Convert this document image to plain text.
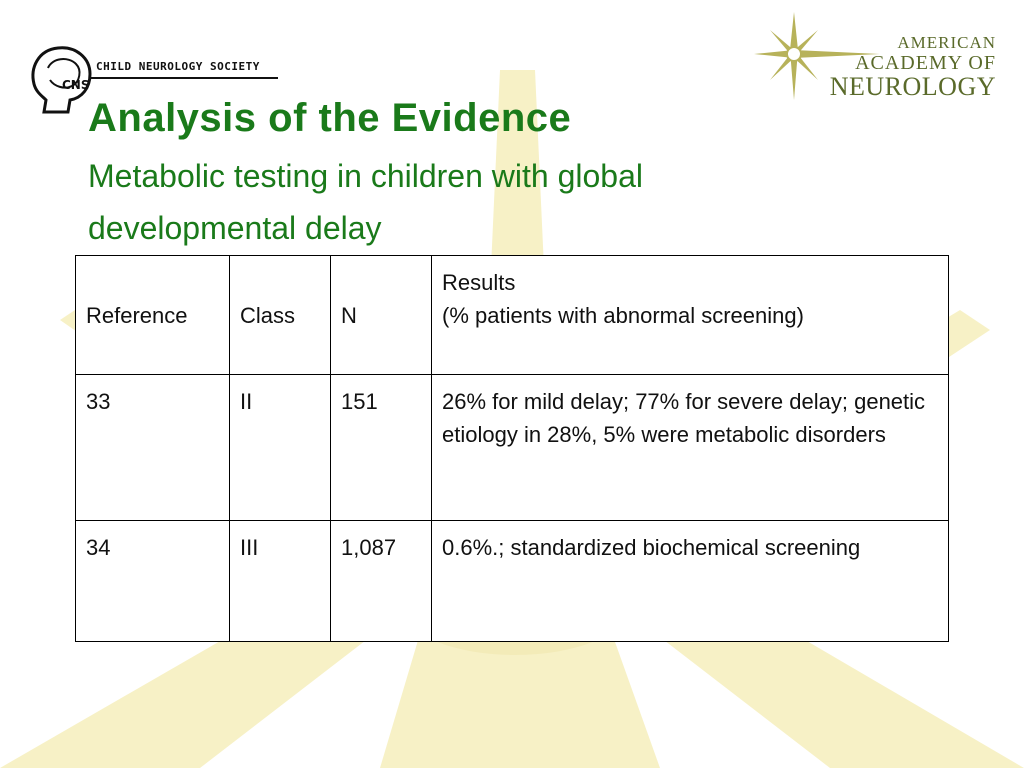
CHILD NEUROLOGY SOCIETY
CNS
AMERICAN
ACADEMY OF
NEUROLOGY
Analysis of the Evidence
Metabolic testing in children with global developmental delay
Reference	Class	N	Results
(% patients with abnormal screening)

33	II	151	26% for mild delay; 77% for severe delay; genetic etiology in 28%, 5% were metabolic disorders
34	III	1,087	0.6%.; standardized biochemical screening
